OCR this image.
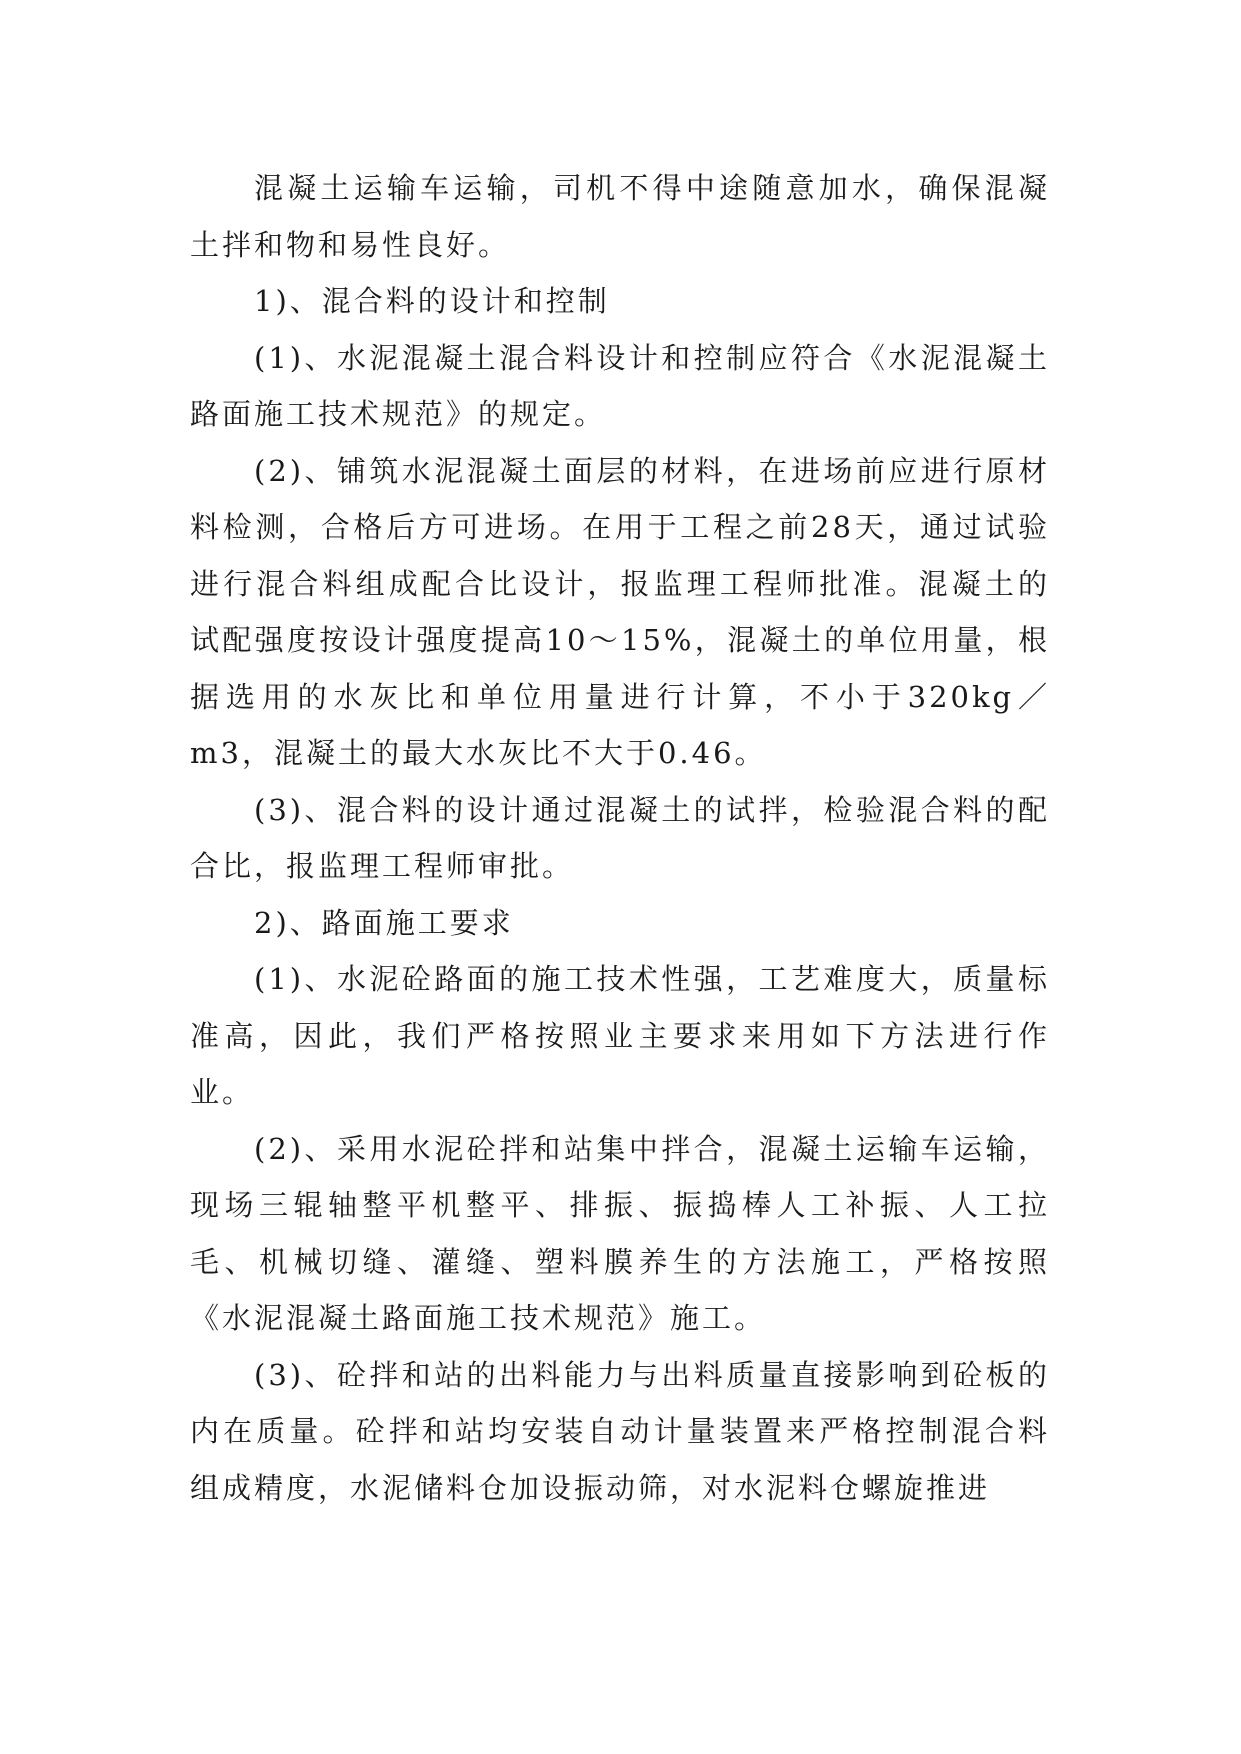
混凝土运输车运输，司机不得中途随意加水，确保混凝土拌和物和易性良好。

1)、混合料的设计和控制

(1)、水泥混凝土混合料设计和控制应符合《水泥混凝土路面施工技术规范》的规定。

(2)、铺筑水泥混凝土面层的材料，在进场前应进行原材料检测，合格后方可进场。在用于工程之前28天，通过试验进行混合料组成配合比设计，报监理工程师批准。混凝土的试配强度按设计强度提高10～15%，混凝土的单位用量，根据选用的水灰比和单位用量进行计算，不小于320kg／m3，混凝土的最大水灰比不大于0.46。

(3)、混合料的设计通过混凝土的试拌，检验混合料的配合比，报监理工程师审批。

2)、路面施工要求

(1)、水泥砼路面的施工技术性强，工艺难度大，质量标准高，因此，我们严格按照业主要求来用如下方法进行作业。

(2)、采用水泥砼拌和站集中拌合，混凝土运输车运输，现场三辊轴整平机整平、排振、振捣棒人工补振、人工拉毛、机械切缝、灌缝、塑料膜养生的方法施工，严格按照《水泥混凝土路面施工技术规范》施工。

(3)、砼拌和站的出料能力与出料质量直接影响到砼板的内在质量。砼拌和站均安装自动计量装置来严格控制混合料组成精度，水泥储料仓加设振动筛，对水泥料仓螺旋推进
